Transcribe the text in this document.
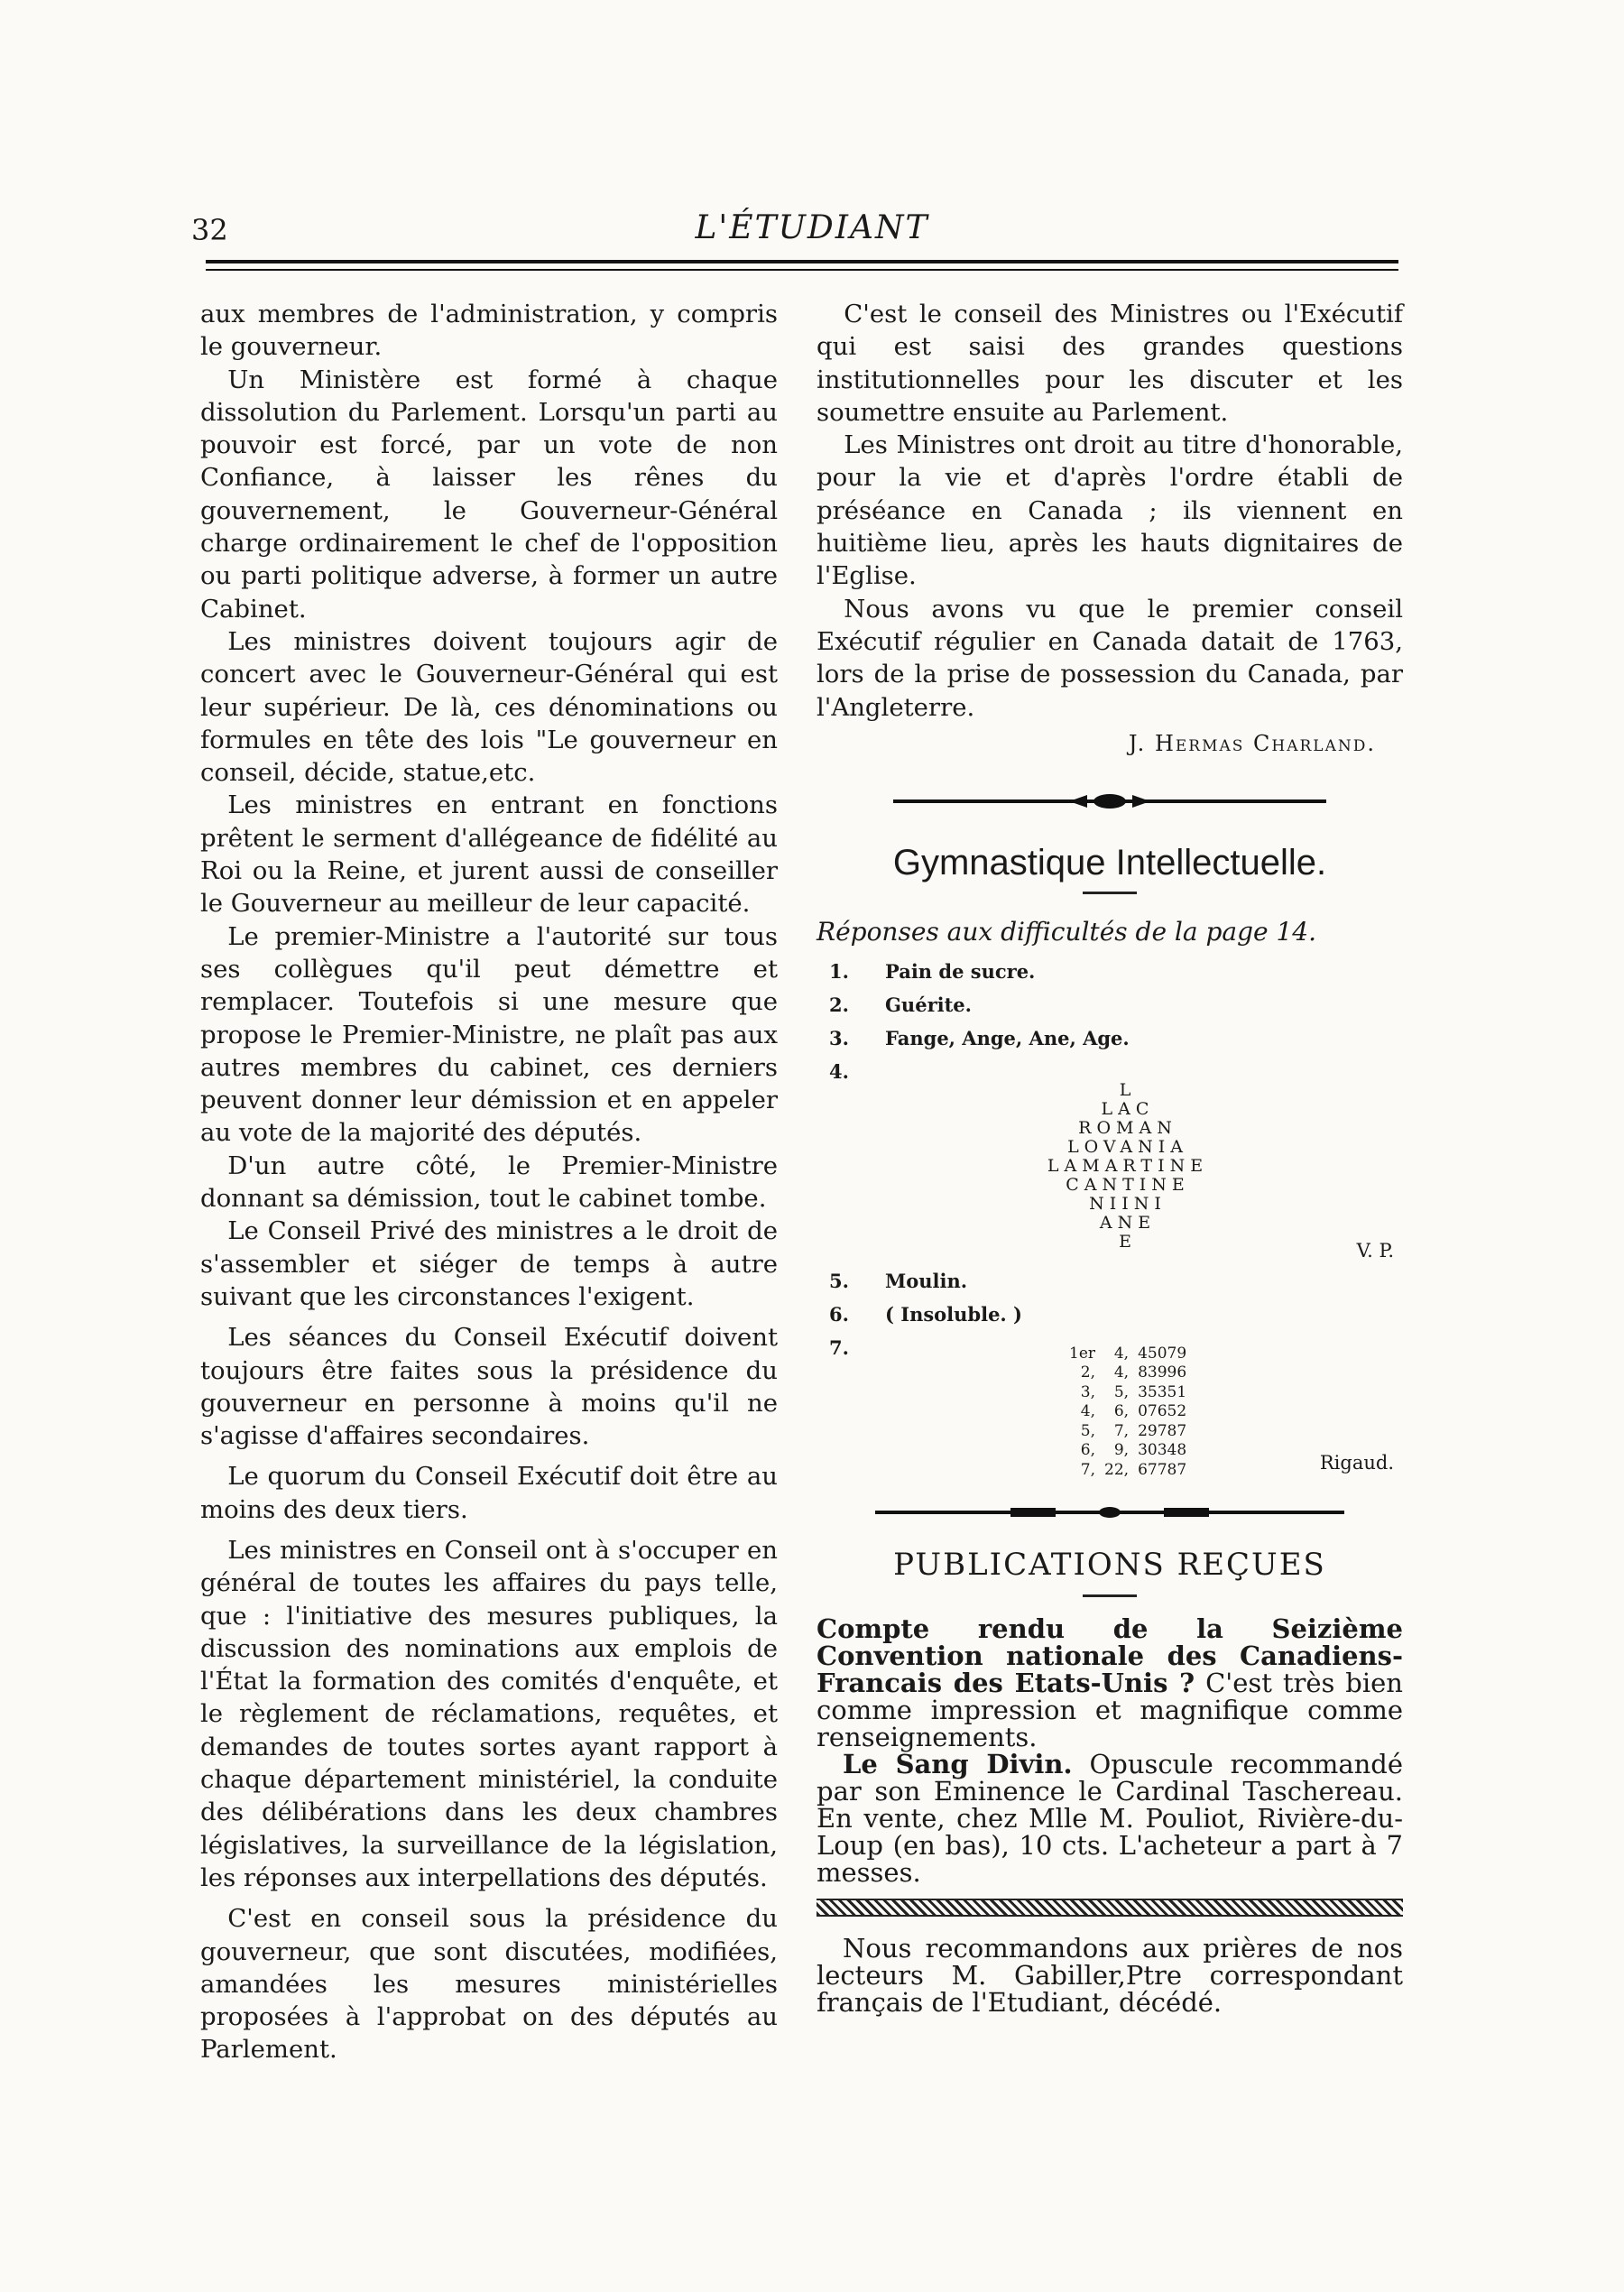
32	L'ÉTUDIANT

aux membres de l'administration, y compris le gouverneur.

Un Ministère est formé à chaque dissolution du Parlement. Lorsqu'un parti au pouvoir est forcé, par un vote de non Confiance, à laisser les rênes du gouvernement, le Gouverneur-Général charge ordinairement le chef de l'opposition ou parti politique adverse, à former un autre Cabinet.

Les ministres doivent toujours agir de concert avec le Gouverneur-Général qui est leur supérieur. De là, ces dénominations ou formules en tête des lois "Le gouverneur en conseil, décide, statue,etc.

Les ministres en entrant en fonctions prêtent le serment d'allégeance de fidélité au Roi ou la Reine, et jurent aussi de conseiller le Gouverneur au meilleur de leur capacité.

Le premier-Ministre a l'autorité sur tous ses collègues qu'il peut démettre et remplacer. Toutefois si une mesure que propose le Premier-Ministre, ne plaît pas aux autres membres du cabinet, ces derniers peuvent donner leur démission et en appeler au vote de la majorité des députés.

D'un autre côté, le Premier-Ministre donnant sa démission, tout le cabinet tombe.

Le Conseil Privé des ministres a le droit de s'assembler et siéger de temps à autre suivant que les circonstances l'exigent.

Les séances du Conseil Exécutif doivent toujours être faites sous la présidence du gouverneur en personne à moins qu'il ne s'agisse d'affaires secondaires.

Le quorum du Conseil Exécutif doit être au moins des deux tiers.

Les ministres en Conseil ont à s'occuper en général de toutes les affaires du pays telle, que : l'initiative des mesures publiques, la discussion des nominations aux emplois de l'État la formation des comités d'enquête, et le règlement de réclamations, requêtes, et demandes de toutes sortes ayant rapport à chaque département ministériel, la conduite des délibérations dans les deux chambres législatives, la surveillance de la législation, les réponses aux interpellations des députés.

C'est en conseil sous la présidence du gouverneur, que sont discutées, modifiées, amandées les mesures ministérielles proposées à l'approbat on des députés au Parlement.

C'est le conseil des Ministres ou l'Exécutif qui est saisi des grandes questions institutionnelles pour les discuter et les soumettre ensuite au Parlement.

Les Ministres ont droit au titre d'honorable, pour la vie et d'après l'ordre établi de préséance en Canada ; ils viennent en huitième lieu, après les hauts dignitaires de l'Eglise.

Nous avons vu que le premier conseil Exécutif régulier en Canada datait de 1763, lors de la prise de possession du Canada, par l'Angleterre.

J. Hermas Charland.
Gymnastique Intellectuelle.
Réponses aux difficultés de la page 14.
1.	Pain de sucre.
2.	Guérite.
3.	Fange, Ange, Ane, Age.
4.
L
LAC
ROMAN
LOVANIA
LAMARTINE
CANTINE
NIINI
ANE
E	V. P.
5.	Moulin.
6.	( Insoluble. )
7.	1er	4,	45079
2,	4,	83996
3,	5,	35351
4,	6,	07652
5,	7,	29787
6,	9,	30348
7,	22,	67787	Rigaud.
PUBLICATIONS REÇUES

Compte rendu de la Seizième Convention nationale des Canadiens-Francais des Etats-Unis ? C'est très bien comme impression et magnifique comme renseignements.

Le Sang Divin. Opuscule recommandé par son Eminence le Cardinal Taschereau. En vente, chez Mlle M. Pouliot, Rivière-du-Loup (en bas), 10 cts. L'acheteur a part à 7 messes.

Nous recommandons aux prières de nos lecteurs M. Gabiller,Ptre correspondant français de l'Etudiant, décédé.
